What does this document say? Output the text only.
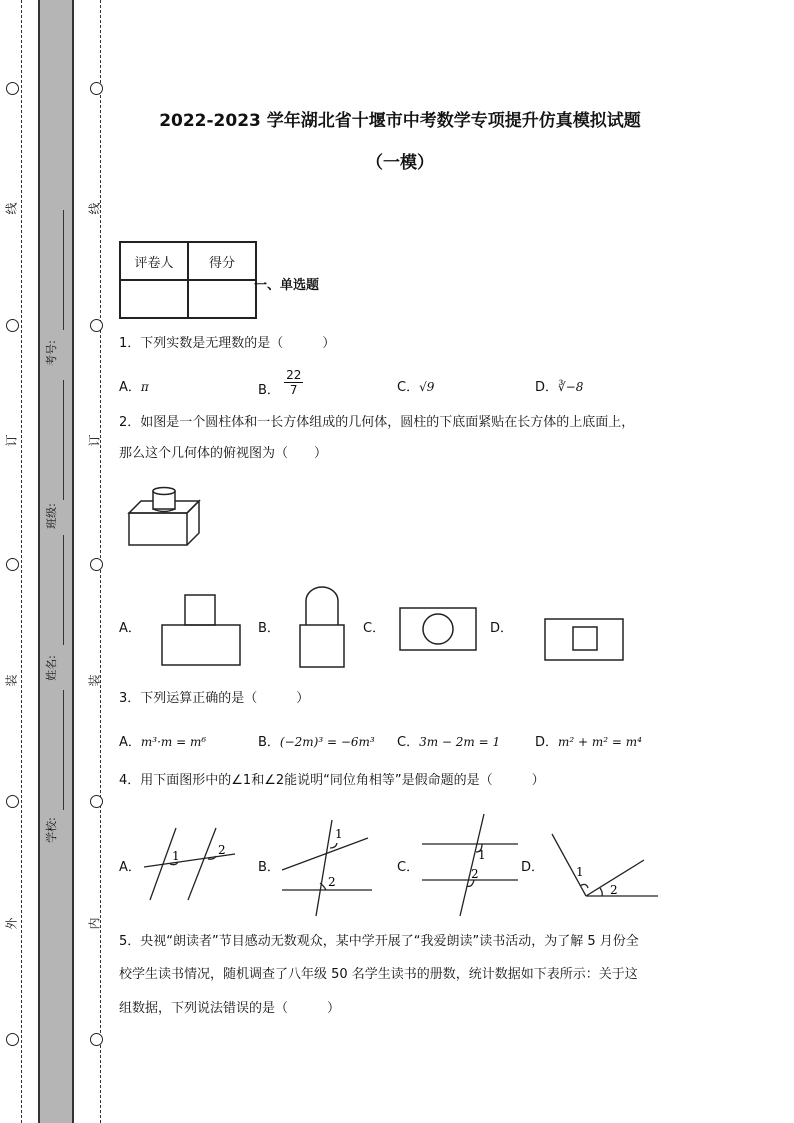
线
订
装
外
线
订
装
内
考号:
班级:
姓名:
学校:
2022-2023 学年湖北省十堰市中考数学专项提升仿真模拟试题
（一模）
评卷人	得分

一、单选题
1．下列实数是无理数的是（　　　）
A．π	B． $\frac{22}{7}$	C．√9	D．∛−8
2．如图是一个圆柱体和一长方体组成的几何体，圆柱的下底面紧贴在长方体的上底面上，
那么这个几何体的俯视图为（　　）
A．	B．	C．	D．
3．下列运算正确的是（　　　）
A．m³·m = m⁶	B．(−2m)³ = −6m³ C．3m − 2m = 1	D．m² + m² = m⁴
4．用下面图形中的∠1和∠2能说明“同位角相等”是假命题的是（　　　）
A．
1	2
B．
1
2
C．
1
2	D．	1
2
5．央视“朗读者”节目感动无数观众，某中学开展了“我爱朗读”读书活动，为了解 5 月份全
校学生读书情况，随机调查了八年级 50 名学生读书的册数，统计数据如下表所示：关于这
组数据，下列说法错误的是（　　　）
